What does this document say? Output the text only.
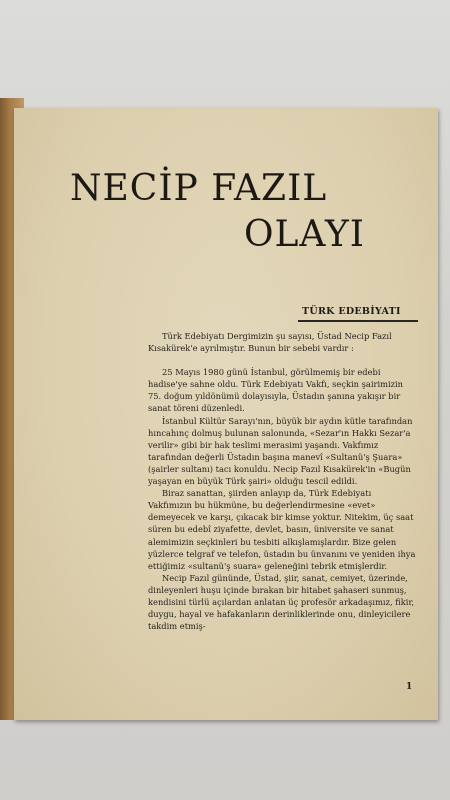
NECİP FAZIL
OLAYI
TÜRK EDEBİYATI

Türk Edebiyatı Dergimizin şu sayısı, Üstad Necip Fazıl Kısakürek'e ayrılmıştır. Bunun bir sebebi vardır :

25 Mayıs 1980 günü İstanbul, görülmemiş bir edebi hadise'ye sahne oldu. Türk Edebiyatı Vakfı, seçkin şairimizin 75. doğum yıldönümü dolayısıyla, Üstadın şanına yakışır bir sanat töreni düzenledi.

İstanbul Kültür Sarayı'nın, büyük bir aydın kütle tarafından hıncahınç dolmuş bulunan salonunda, «Sezar'ın Hakkı Sezar'a verilir» gibi bir hak teslimi merasimi yaşandı. Vakfımız tarafından değerli Üstadın başına manevî «Sultanü'ş Şuara» (şairler sultanı) tacı konuldu. Necip Fazıl Kısakürek'in «Bugün yaşayan en büyük Türk şairi» olduğu tescil edildi.

Biraz sanattan, şiirden anlayıp da, Türk Edebiyatı Vakfımızın bu hükmüne, bu değerlendirmesine «evet» demeyecek ve karşı, çıkacak bir kimse yoktur. Nitekim, üç saat süren bu edebî ziyafette, devlet, basın, üniversite ve sanat alemimizin seçkinleri bu tesbiti alkışlamışlardır. Bize gelen yüzlerce telgraf ve telefon, üstadın bu ünvanını ve yeniden ihya ettiğimiz «sultanü'ş suara» geleneğini tebrik etmişlerdir.

Necip Fazıl gününde, Üstad, şiir, sanat, cemiyet, üzerinde, dinleyenleri huşu içinde bırakan bir hitabet şahaseri sunmuş, kendisini türlü açılardan anlatan üç profesör arkadaşımız, fikir, duygu, hayal ve hafakanların derinliklerinde onu, dinleyicilere takdim etmiş-

1
